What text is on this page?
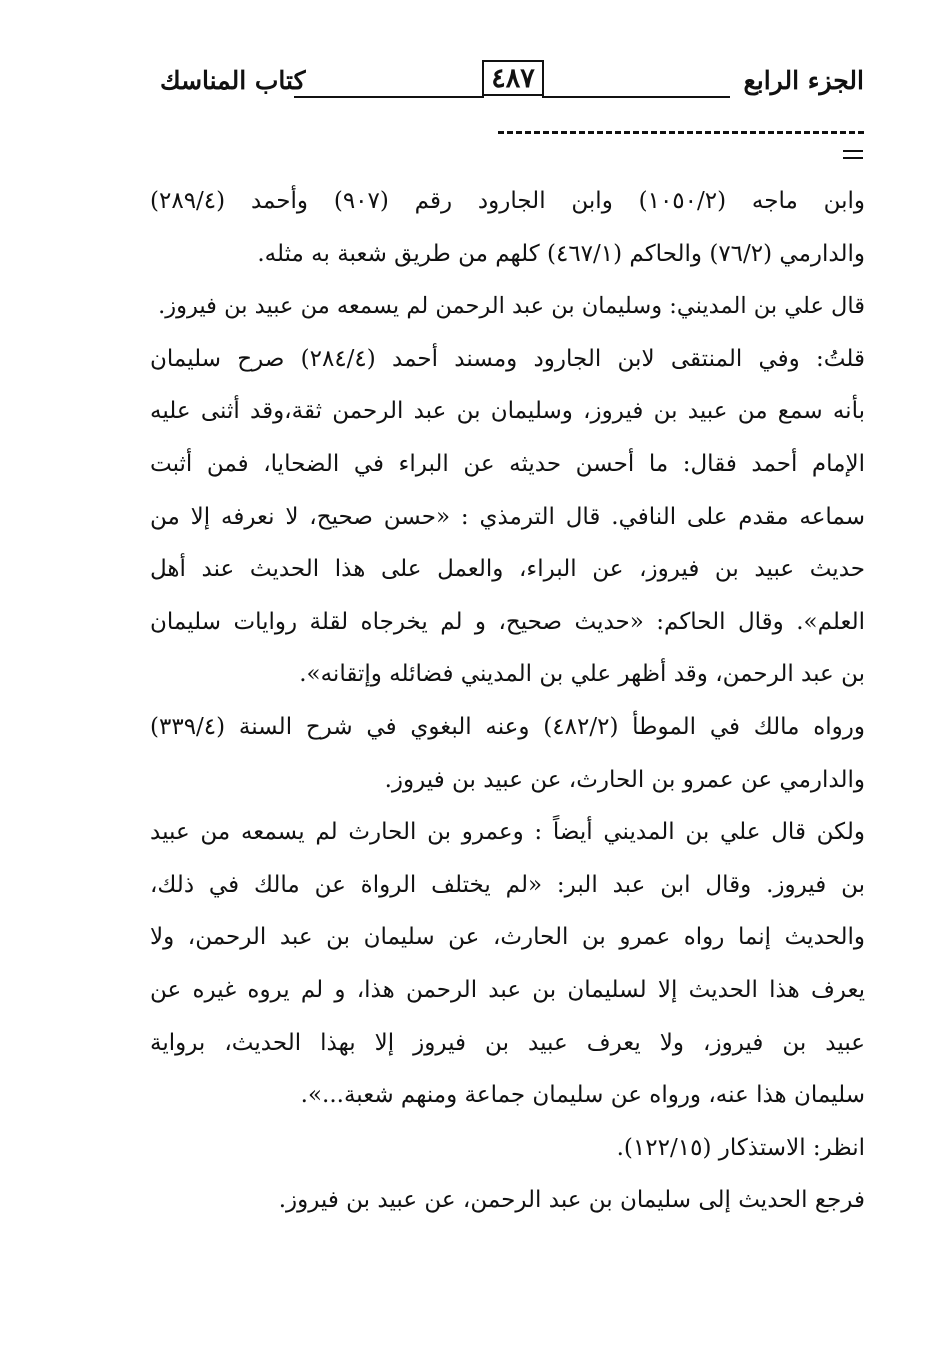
الجزء الرابع
٤٨٧
كتاب المناسك
وابن ماجه (١٠٥٠/٢) وابن الجارود رقم (٩٠٧) وأحمد (٢٨٩/٤)
والدارمي (٧٦/٢) والحاكم (٤٦٧/١) كلهم من طريق شعبة به مثله.
قال علي بن المديني: وسليمان بن عبد الرحمن لم يسمعه من عبيد بن فيروز.
قلتُ: وفي المنتقى لابن الجارود ومسند أحمد (٢٨٤/٤) صرح سليمان
بأنه سمع من عبيد بن فيروز، وسليمان بن عبد الرحمن ثقة،وقد أثنى عليه
الإمام أحمد فقال: ما أحسن حديثه عن البراء في الضحايا، فمن أثبت
سماعه مقدم على النافي. قال الترمذي : «حسن صحيح، لا نعرفه إلا من
حديث عبيد بن فيروز، عن البراء، والعمل على هذا الحديث عند أهل
العلم». وقال الحاكم: «حديث صحيح، و لم يخرجاه لقلة روايات سليمان
بن عبد الرحمن، وقد أظهر علي بن المديني فضائله وإتقانه».
ورواه مالك في الموطأ (٤٨٢/٢) وعنه البغوي في شرح السنة (٣٣٩/٤)
والدارمي عن عمرو بن الحارث، عن عبيد بن فيروز.
ولكن قال علي بن المديني أيضاً : وعمرو بن الحارث لم يسمعه من عبيد
بن فيروز. وقال ابن عبد البر: «لم يختلف الرواة عن مالك في ذلك،
والحديث إنما رواه عمرو بن الحارث، عن سليمان بن عبد الرحمن، ولا
يعرف هذا الحديث إلا لسليمان بن عبد الرحمن هذا، و لم يروه غيره عن
عبيد بن فيروز، ولا يعرف عبيد بن فيروز إلا بهذا الحديث، برواية
سليمان هذا عنه، ورواه عن سليمان جماعة ومنهم شعبة...».
انظر: الاستذكار (١٢٢/١٥).
فرجع الحديث إلى سليمان بن عبد الرحمن، عن عبيد بن فيروز.
